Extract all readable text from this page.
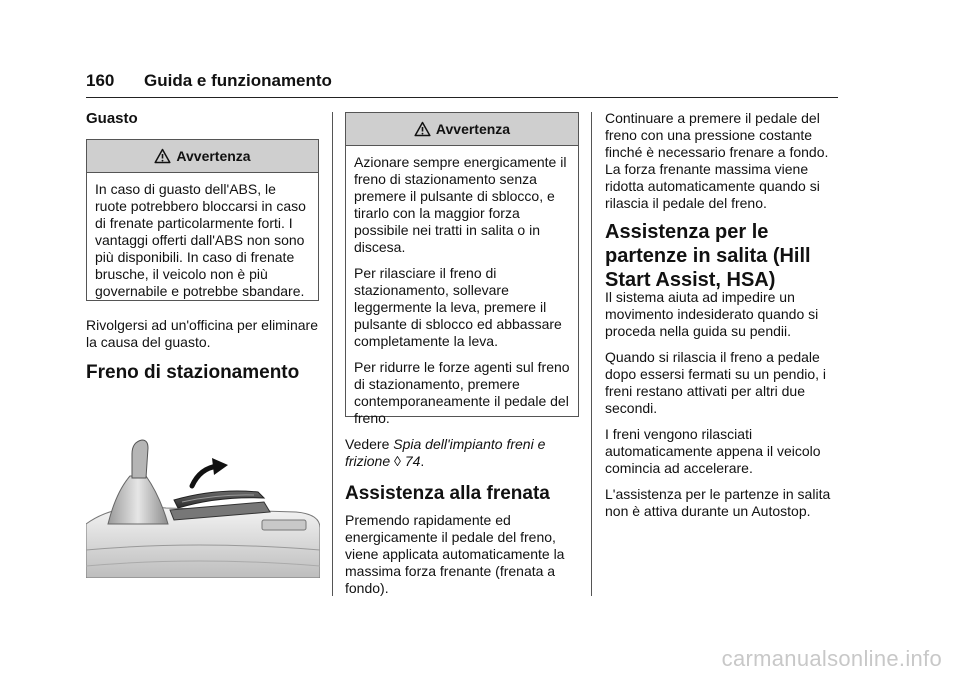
160 Guida e funzionamento
Guasto
Avvertenza

In caso di guasto dell'ABS, le ruote potrebbero bloccarsi in caso di frenate particolarmente forti. I vantaggi offerti dall'ABS non sono più disponibili. In caso di frenate brusche, il veicolo non è più governabile e potrebbe sbandare.

Rivolgersi ad un'officina per eliminare la causa del guasto.

Freno di stazionamento
Avvertenza

Azionare sempre energicamente il freno di stazionamento senza premere il pulsante di sblocco, e tirarlo con la maggior forza possibile nei tratti in salita o in discesa.

Per rilasciare il freno di stazionamento, sollevare leggermente la leva, premere il pulsante di sblocco ed abbassare completamente la leva.

Per ridurre le forze agenti sul freno di stazionamento, premere contemporaneamente il pedale del freno.

Vedere Spia dell'impianto freni e
frizione ◊ 74.
Assistenza alla frenata

Premendo rapidamente ed energicamente il pedale del freno, viene applicata automaticamente la massima forza frenante (frenata a fondo).

Continuare a premere il pedale del freno con una pressione costante finché è necessario frenare a fondo. La forza frenante massima viene ridotta automaticamente quando si rilascia il pedale del freno.

Assistenza per le
partenze in salita (Hill
Start Assist, HSA)

Il sistema aiuta ad impedire un movimento indesiderato quando si proceda nella guida su pendii.

Quando si rilascia il freno a pedale dopo essersi fermati su un pendio, i freni restano attivati per altri due secondi.

I freni vengono rilasciati automaticamente appena il veicolo comincia ad accelerare.

L'assistenza per le partenze in salita non è attiva durante un Autostop.

carmanualsonline.info
